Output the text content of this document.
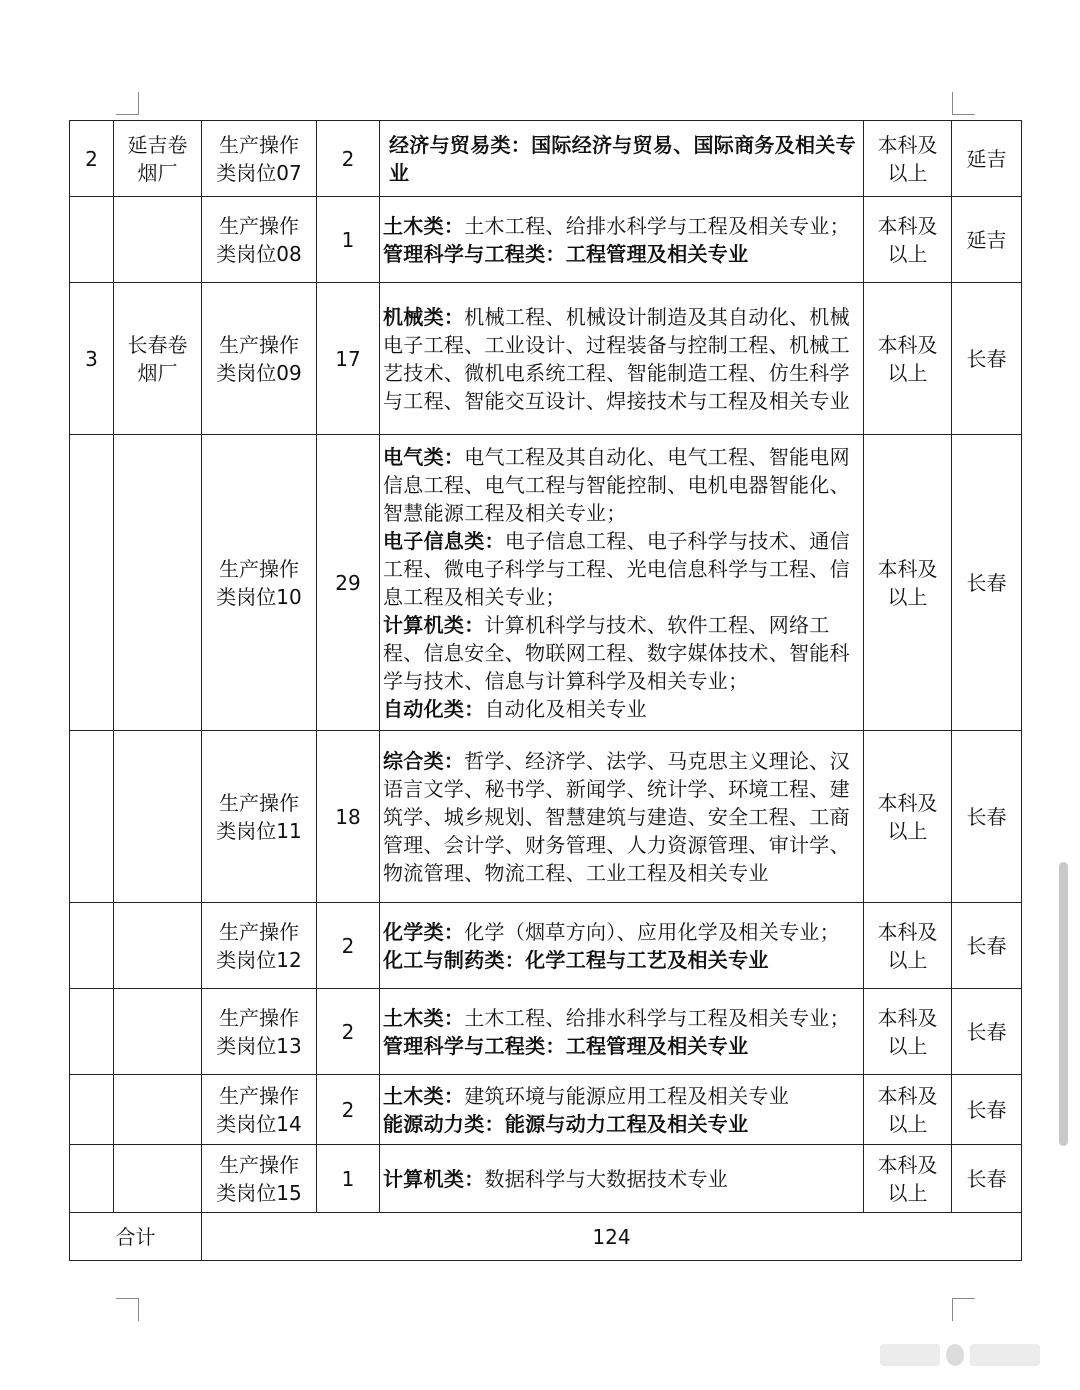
2	延吉卷烟厂	生产操作类岗位07	2	经济与贸易类：国际经济与贸易、国际商务及相关专业	本科及以上	延吉
		生产操作类岗位08	1	土木类：土木工程、给排水科学与工程及相关专业；
管理科学与工程类：工程管理及相关专业	本科及以上	延吉
3	长春卷烟厂	生产操作类岗位09	17	机械类：机械工程、机械设计制造及其自动化、机械电子工程、工业设计、过程装备与控制工程、机械工艺技术、微机电系统工程、智能制造工程、仿生科学与工程、智能交互设计、焊接技术与工程及相关专业	本科及以上	长春
		生产操作类岗位10	29	电气类：电气工程及其自动化、电气工程、智能电网信息工程、电气工程与智能控制、电机电器智能化、智慧能源工程及相关专业；
电子信息类：电子信息工程、电子科学与技术、通信工程、微电子科学与工程、光电信息科学与工程、信息工程及相关专业；
计算机类：计算机科学与技术、软件工程、网络工程、信息安全、物联网工程、数字媒体技术、智能科学与技术、信息与计算科学及相关专业；
自动化类：自动化及相关专业	本科及以上	长春
		生产操作类岗位11	18	综合类：哲学、经济学、法学、马克思主义理论、汉语言文学、秘书学、新闻学、统计学、环境工程、建筑学、城乡规划、智慧建筑与建造、安全工程、工商管理、会计学、财务管理、人力资源管理、审计学、物流管理、物流工程、工业工程及相关专业	本科及以上	长春
		生产操作类岗位12	2	化学类：化学（烟草方向）、应用化学及相关专业；
化工与制药类：化学工程与工艺及相关专业	本科及以上	长春
		生产操作类岗位13	2	土木类：土木工程、给排水科学与工程及相关专业；
管理科学与工程类：工程管理及相关专业	本科及以上	长春
		生产操作类岗位14	2	土木类：建筑环境与能源应用工程及相关专业
能源动力类：能源与动力工程及相关专业	本科及以上	长春
		生产操作类岗位15	1	计算机类：数据科学与大数据技术专业	本科及以上	长春
合计		124				
